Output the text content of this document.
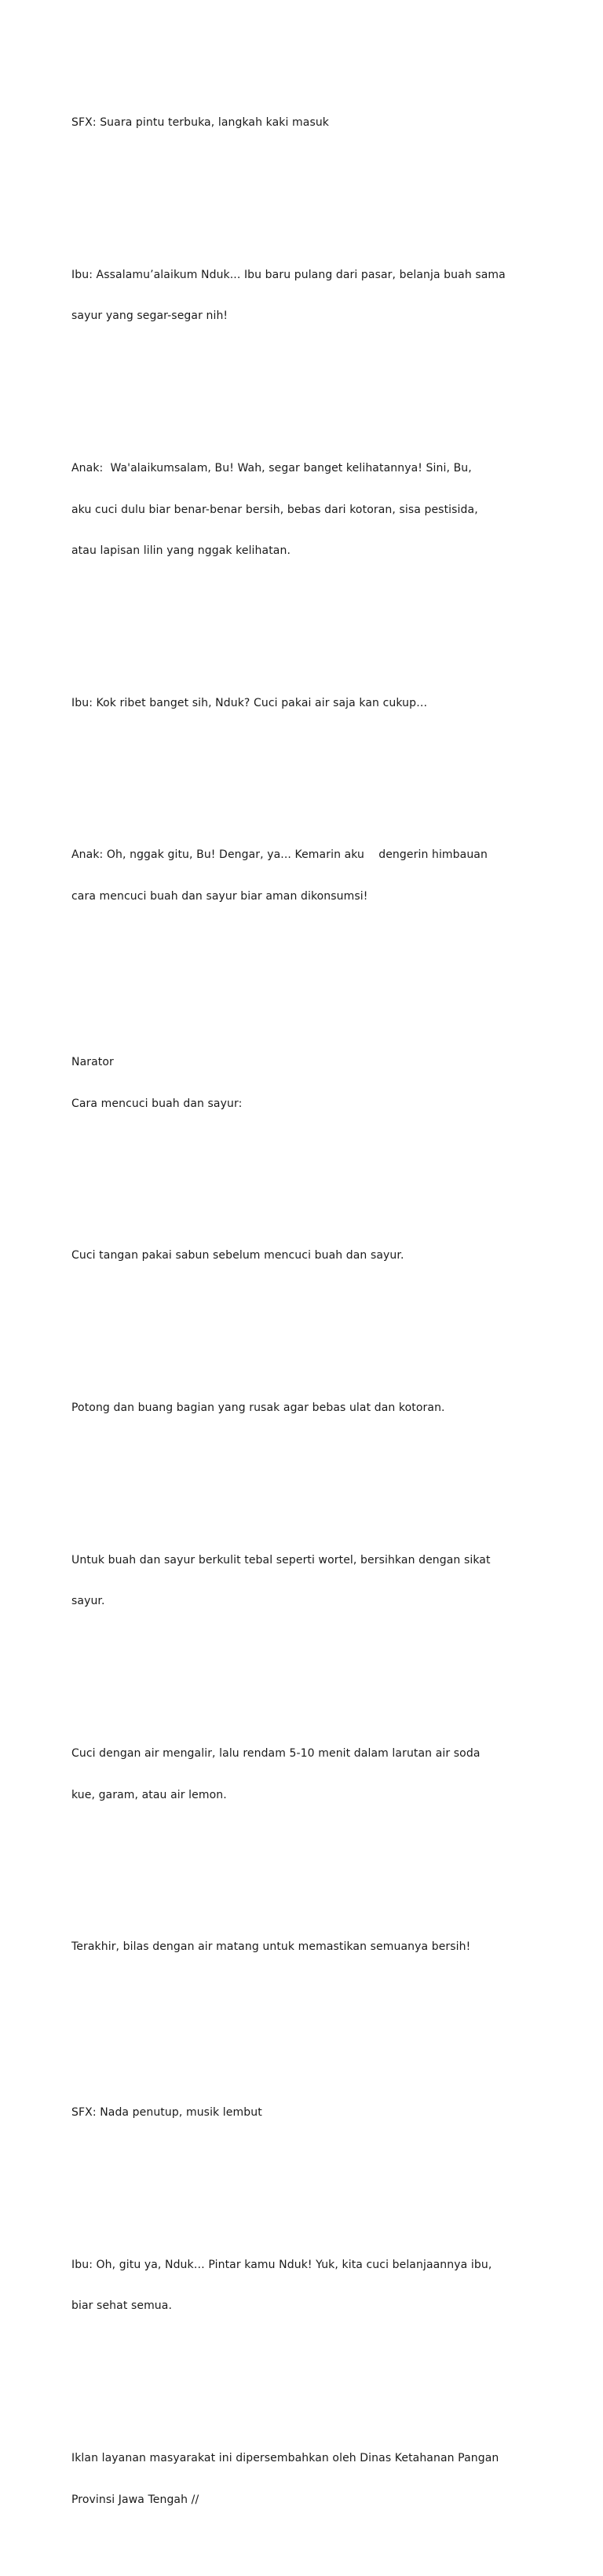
SFX: Suara pintu terbuka, langkah kaki masuk

Ibu: Assalamu’alaikum Nduk... Ibu baru pulang dari pasar, belanja buah sama

sayur yang segar-segar nih!

Anak:  Wa'alaikumsalam, Bu! Wah, segar banget kelihatannya! Sini, Bu,

aku cuci dulu biar benar-benar bersih, bebas dari kotoran, sisa pestisida,

atau lapisan lilin yang nggak kelihatan.

Ibu: Kok ribet banget sih, Nduk? Cuci pakai air saja kan cukup…

Anak: Oh, nggak gitu, Bu! Dengar, ya... Kemarin aku    dengerin himbauan

cara mencuci buah dan sayur biar aman dikonsumsi!

Narator

Cara mencuci buah dan sayur:

Cuci tangan pakai sabun sebelum mencuci buah dan sayur.

Potong dan buang bagian yang rusak agar bebas ulat dan kotoran.

Untuk buah dan sayur berkulit tebal seperti wortel, bersihkan dengan sikat

sayur.

Cuci dengan air mengalir, lalu rendam 5-10 menit dalam larutan air soda

kue, garam, atau air lemon.

Terakhir, bilas dengan air matang untuk memastikan semuanya bersih!

SFX: Nada penutup, musik lembut

Ibu: Oh, gitu ya, Nduk… Pintar kamu Nduk! Yuk, kita cuci belanjaannya ibu,

biar sehat semua.

Iklan layanan masyarakat ini dipersembahkan oleh Dinas Ketahanan Pangan

Provinsi Jawa Tengah //
